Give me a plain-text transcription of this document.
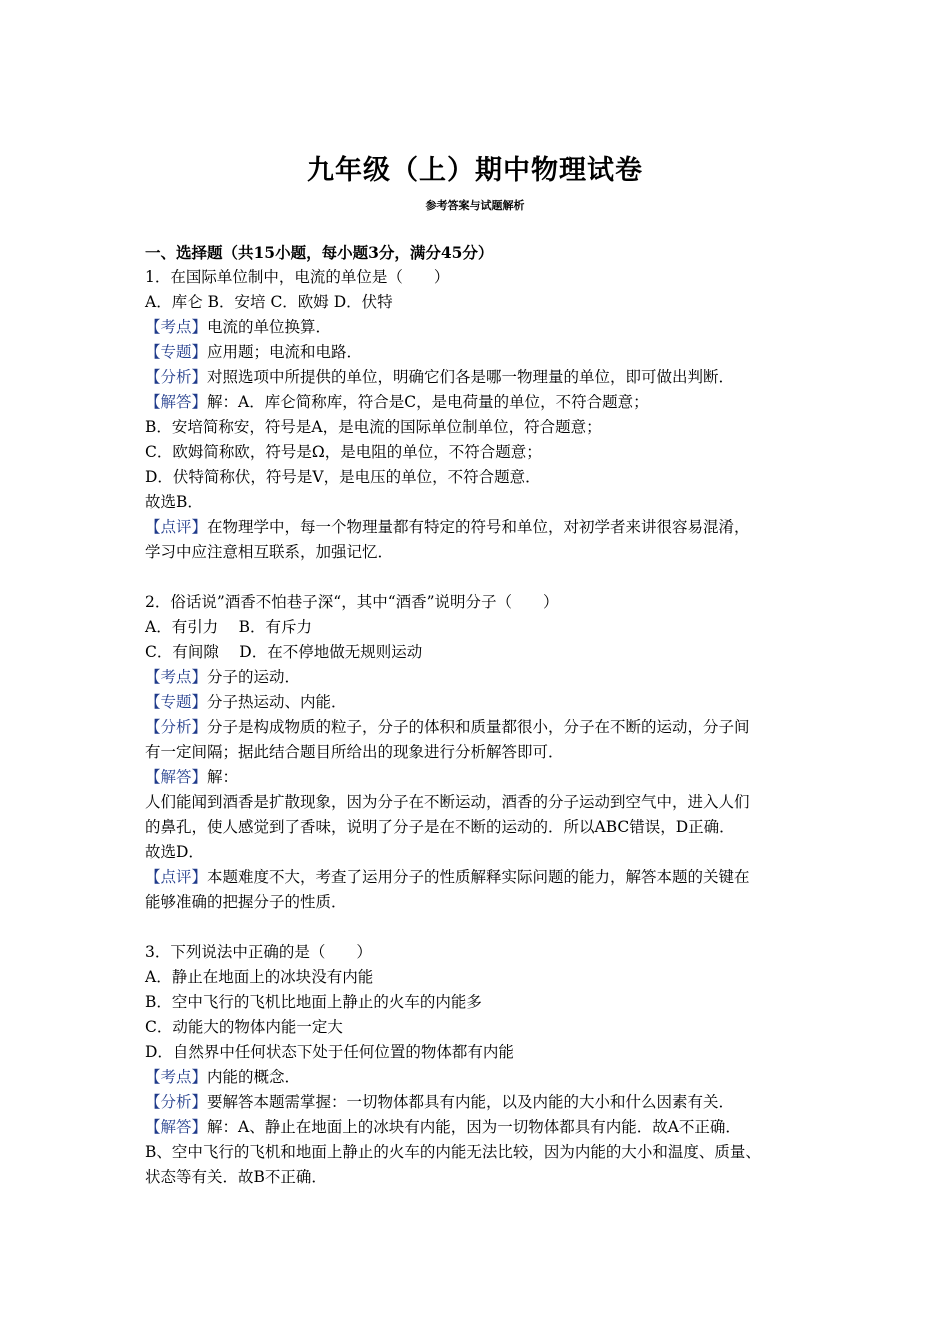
九年级（上）期中物理试卷
参考答案与试题解析
一、选择题（共15小题，每小题3分，满分45分）
1．在国际单位制中，电流的单位是（　　）
A．库仑 B．安培 C．欧姆 D．伏特
【考点】电流的单位换算．
【专题】应用题；电流和电路．
【分析】对照选项中所提供的单位，明确它们各是哪一物理量的单位，即可做出判断．
【解答】解：A．库仑简称库，符合是C，是电荷量的单位，不符合题意；
B．安培简称安，符号是A，是电流的国际单位制单位，符合题意；
C．欧姆简称欧，符号是Ω，是电阻的单位，不符合题意；
D．伏特简称伏，符号是V，是电压的单位，不符合题意．
故选B．
【点评】在物理学中，每一个物理量都有特定的符号和单位，对初学者来讲很容易混淆，
学习中应注意相互联系，加强记忆．
2．俗话说”酒香不怕巷子深“，其中“酒香”说明分子（　　）
A．有引力　 B．有斥力
C．有间隙　 D．在不停地做无规则运动
【考点】分子的运动．
【专题】分子热运动、内能．
【分析】分子是构成物质的粒子，分子的体积和质量都很小，分子在不断的运动，分子间
有一定间隔；据此结合题目所给出的现象进行分析解答即可．
【解答】解：
人们能闻到酒香是扩散现象，因为分子在不断运动，酒香的分子运动到空气中，进入人们
的鼻孔，使人感觉到了香味，说明了分子是在不断的运动的．所以ABC错误，D正确．
故选D．
【点评】本题难度不大，考查了运用分子的性质解释实际问题的能力，解答本题的关键在
能够准确的把握分子的性质．
3．下列说法中正确的是（　　）
A．静止在地面上的冰块没有内能
B．空中飞行的飞机比地面上静止的火车的内能多
C．动能大的物体内能一定大
D．自然界中任何状态下处于任何位置的物体都有内能
【考点】内能的概念．
【分析】要解答本题需掌握：一切物体都具有内能，以及内能的大小和什么因素有关．
【解答】解：A、静止在地面上的冰块有内能，因为一切物体都具有内能．故A不正确．
B、空中飞行的飞机和地面上静止的火车的内能无法比较，因为内能的大小和温度、质量、
状态等有关．故B不正确．
